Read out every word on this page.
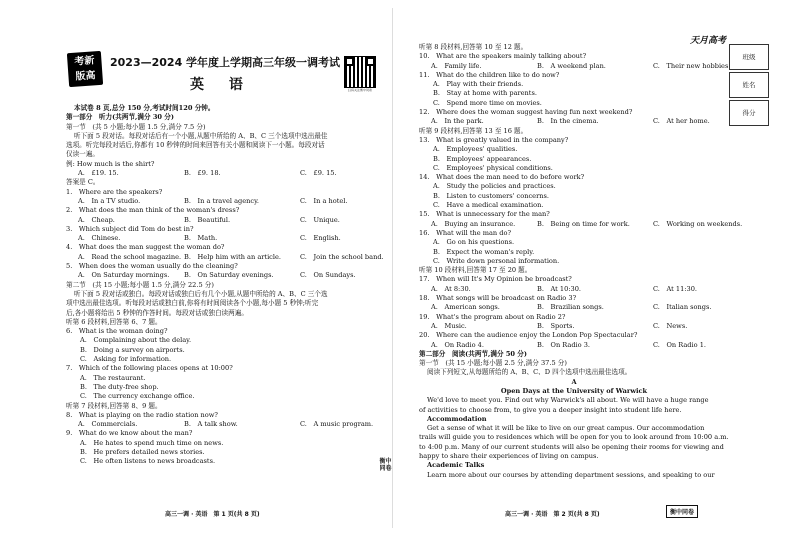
考新
版高
2023—2024 学年度上学期高三年级一调考试
英 语	扫码关注衡中同卷
本试卷 8 页,总分 150 分,考试时间120 分钟。
第一部分　听力(共两节,满分 30 分)
第一节　(共 5 小题;每小题 1.5 分,满分 7.5 分)
听下面 5 段对话。每段对话后有一个小题,从题中所给的 A、B、C 三个选项中选出最佳
选项。听完每段对话后,你都有 10 秒钟的时间来回答有关小题和阅读下一小题。每段对话
仅读一遍。
例: How much is the shirt?
A.　£19. 15.	B.　£9. 18.	C.　£9. 15.
答案是 C。
1.　Where are the speakers?
A.　In a TV studio.	B.　In a travel agency.	C.　In a hotel.
2.　What does the man think of the woman's dress?
A.　Cheap.	B.　Beautiful.	C.　Unique.
3.　Which subject did Tom do best in?
A.　Chinese.	B.　Math.	C.　English.
4.　What does the man suggest the woman do?
A.　Read the school magazine. B.　Help him with an article.	C.　Join the school band.
5.　When does the woman usually do the cleaning?
A.　On Saturday mornings. B.　On Saturday evenings.	C.　On Sundays.
第二节　(共 15 小题;每小题 1.5 分,满分 22.5 分)
听下面 5 段对话或独白。每段对话或独白后有几个小题,从题中所给的 A、B、C 三个选
项中选出最佳选项。听每段对话或独白前,你将有时间阅读各个小题,每小题 5 秒钟;听完
后,各小题将给出 5 秒钟的作答时间。每段对话或独白读两遍。
听第 6 段材料,回答第 6、7 题。
6.　What is the woman doing?
A.　Complaining about the delay.
B.　Doing a survey on airports.
C.　Asking for information.
7.　Which of the following places opens at 10:00?
A.　The restaurant.
B.　The duty-free shop.
C.　The currency exchange office.
听第 7 段材料,回答第 8、9 题。
8.　What is playing on the radio station now?
A.　Commercials.	B.　A talk show.	C.　A music program.
9.　What do we know about the man?
A.　He hates to spend much time on news.
B.　He prefers detailed news stories.
C.　He often listens to news broadcasts.
高三一调 · 英语　第 1 页(共 8 页)
衡中同卷
听第 8 段材料,回答第 10 至 12 题。
10.　What are the speakers mainly talking about?
A.　Family life.	B.　A weekend plan.	C.　Their new hobbies.
11.　What do the children like to do now?
A.　Play with their friends.
B.　Stay at home with parents.
C.　Spend more time on movies.
12.　Where does the woman suggest having fun next weekend?
A.　In the park.	B.　In the cinema.	C.　At her home.
听第 9 段材料,回答第 13 至 16 题。
13.　What is greatly valued in the company?
A.　Employees' qualities.
B.　Employees' appearances.
C.　Employees' physical conditions.
14.　What does the man need to do before work?
A.　Study the policies and practices.
B.　Listen to customers' concerns.
C.　Have a medical examination.
15.　What is unnecessary for the man?
A.　Buying an insurance.	B.　Being on time for work.	C.　Working on weekends.
16.　What will the man do?
A.　Go on his questions.
B.　Expect the woman's reply.
C.　Write down personal information.
听第 10 段材料,回答第 17 至 20 题。
17.　When will It's My Opinion be broadcast?
A.　At 8:30.	B.　At 10:30.	C.　At 11:30.
18.　What songs will be broadcast on Radio 3?
A.　American songs.	B.　Brazilian songs.	C.　Italian songs.
19.　What's the program about on Radio 2?
A.　Music.	B.　Sports.	C.　News.
20.　Where can the audience enjoy the London Pop Spectacular?
A.　On Radio 4.	B.　On Radio 3.	C.　On Radio 1.
第二部分　阅读(共两节,满分 50 分)
第一节　(共 15 小题;每小题 2.5 分,满分 37.5 分)
阅读下列短文,从每题所给的 A、B、C、D 四个选项中选出最佳选项。
A
Open Days at the University of Warwick
We'd love to meet you. Find out why Warwick's all about. We will have a huge range
of activities to choose from, to give you a deeper insight into student life here.
Accommodation
Get a sense of what it will be like to live on our great campus. Our accommodation
trails will guide you to residences which will be open for you to look around from 10:00 a.m.
to 4:00 p.m. Many of our current students will also be opening their rooms for viewing and
happy to share their experiences of living on campus.
Academic Talks
Learn more about our courses by attending department sessions, and speaking to our
高三一调 · 英语　第 2 页(共 8 页)
天月高考
班级
姓名
得分
衡中同卷
